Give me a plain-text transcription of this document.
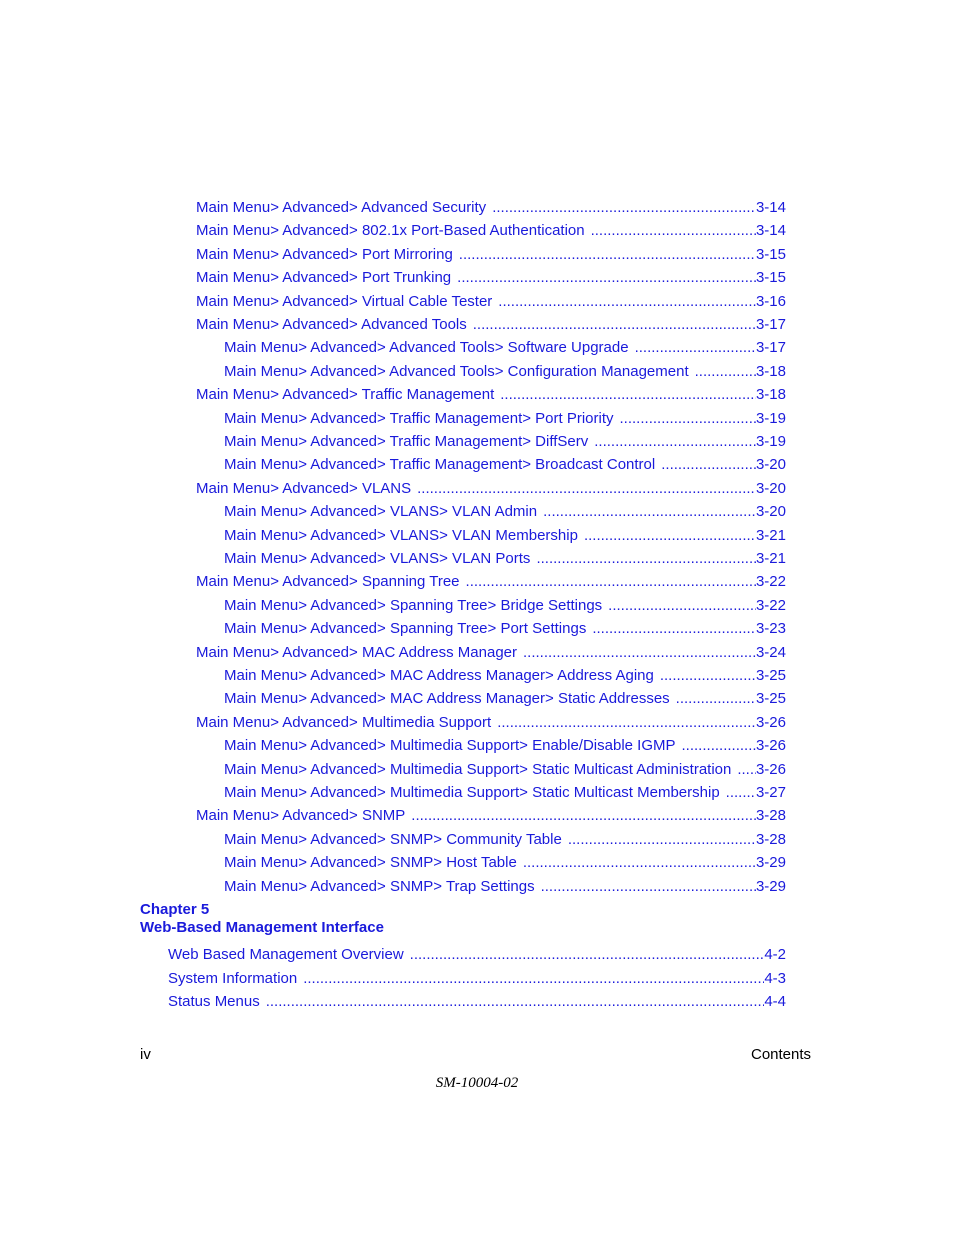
Main Menu> Advanced> Advanced Security .....	3-14
Main Menu> Advanced> 802.1x Port-Based Authentication .....	3-14
Main Menu> Advanced> Port Mirroring .....	3-15
Main Menu> Advanced> Port Trunking .....	3-15
Main Menu> Advanced> Virtual Cable Tester .....	3-16
Main Menu> Advanced> Advanced Tools .....	3-17
Main Menu> Advanced> Advanced Tools> Software Upgrade .....	3-17
Main Menu> Advanced> Advanced Tools> Configuration Management .....	3-18
Main Menu> Advanced> Traffic Management .....	3-18
Main Menu> Advanced> Traffic Management> Port Priority .....	3-19
Main Menu> Advanced> Traffic Management> DiffServ .....	3-19
Main Menu> Advanced> Traffic Management> Broadcast Control .....	3-20
Main Menu> Advanced> VLANS .....	3-20
Main Menu> Advanced> VLANS> VLAN Admin .....	3-20
Main Menu> Advanced> VLANS> VLAN Membership .....	3-21
Main Menu> Advanced> VLANS> VLAN Ports .....	3-21
Main Menu> Advanced> Spanning Tree .....	3-22
Main Menu> Advanced> Spanning Tree> Bridge Settings .....	3-22
Main Menu> Advanced> Spanning Tree> Port Settings .....	3-23
Main Menu> Advanced> MAC Address Manager .....	3-24
Main Menu> Advanced> MAC Address Manager> Address Aging .....	3-25
Main Menu> Advanced> MAC Address Manager> Static Addresses .....	3-25
Main Menu> Advanced> Multimedia Support .....	3-26
Main Menu> Advanced> Multimedia Support> Enable/Disable IGMP .....	3-26
Main Menu> Advanced> Multimedia Support> Static Multicast Administration .....	3-26
Main Menu> Advanced> Multimedia Support> Static Multicast Membership .....	3-27
Main Menu> Advanced> SNMP .....	3-28
Main Menu> Advanced> SNMP> Community Table .....	3-28
Main Menu> Advanced> SNMP> Host Table .....	3-29
Main Menu> Advanced> SNMP> Trap Settings .....	3-29
Chapter 5
Web-Based Management Interface
Web Based Management Overview .....	4-2
System Information .....	4-3
Status Menus .....	4-4
iv	Contents
SM-10004-02
